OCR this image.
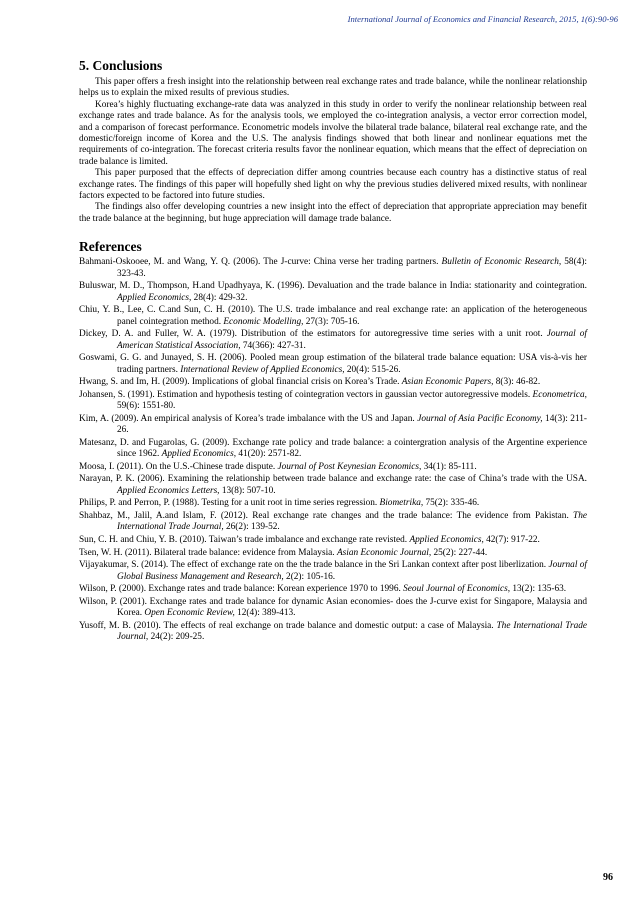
International Journal of Economics and Financial Research, 2015, 1(6):90-96
5. Conclusions

This paper offers a fresh insight into the relationship between real exchange rates and trade balance, while the nonlinear relationship helps us to explain the mixed results of previous studies.

Korea’s highly fluctuating exchange-rate data was analyzed in this study in order to verify the nonlinear relationship between real exchange rates and trade balance. As for the analysis tools, we employed the co-integration analysis, a vector error correction model, and a comparison of forecast performance. Econometric models involve the bilateral trade balance, bilateral real exchange rate, and the domestic/foreign income of Korea and the U.S. The analysis findings showed that both linear and nonlinear equations met the requirements of co-integration. The forecast criteria results favor the nonlinear equation, which means that the effect of depreciation on trade balance is limited.

This paper purposed that the effects of depreciation differ among countries because each country has a distinctive status of real exchange rates. The findings of this paper will hopefully shed light on why the previous studies delivered mixed results, with nonlinear factors expected to be factored into future studies.

The findings also offer developing countries a new insight into the effect of depreciation that appropriate appreciation may benefit the trade balance at the beginning, but huge appreciation will damage trade balance.

References

Bahmani-Oskooee, M. and Wang, Y. Q. (2006). The J-curve: China verse her trading partners. Bulletin of Economic Research, 58(4): 323-43.

Buluswar, M. D., Thompson, H.and Upadhyaya, K. (1996). Devaluation and the trade balance in India: stationarity and cointegration. Applied Economics, 28(4): 429-32.

Chiu, Y. B., Lee, C. C.and Sun, C. H. (2010). The U.S. trade imbalance and real exchange rate: an application of the heterogeneous panel cointegration method. Economic Modelling, 27(3): 705-16.

Dickey, D. A. and Fuller, W. A. (1979). Distribution of the estimators for autoregressive time series with a unit root. Journal of American Statistical Association, 74(366): 427-31.

Goswami, G. G. and Junayed, S. H. (2006). Pooled mean group estimation of the bilateral trade balance equation: USA vis-à-vis her trading partners. International Review of Applied Economics, 20(4): 515-26.

Hwang, S. and Im, H. (2009). Implications of global financial crisis on Korea’s Trade. Asian Economic Papers, 8(3): 46-82.

Johansen, S. (1991). Estimation and hypothesis testing of cointegration vectors in gaussian vector autoregressive models. Econometrica, 59(6): 1551-80.

Kim, A. (2009). An empirical analysis of Korea’s trade imbalance with the US and Japan. Journal of Asia Pacific Economy, 14(3): 211-26.

Matesanz, D. and Fugarolas, G. (2009). Exchange rate policy and trade balance: a cointergration analysis of the Argentine experience since 1962. Applied Economics, 41(20): 2571-82.

Moosa, I. (2011). On the U.S.-Chinese trade dispute. Journal of Post Keynesian Economics, 34(1): 85-111.

Narayan, P. K. (2006). Examining the relationship between trade balance and exchange rate: the case of China’s trade with the USA. Applied Economics Letters, 13(8): 507-10.

Philips, P. and Perron, P. (1988). Testing for a unit root in time series regression. Biometrika, 75(2): 335-46.

Shahbaz, M., Jalil, A.and Islam, F. (2012). Real exchange rate changes and the trade balance: The evidence from Pakistan. The International Trade Journal, 26(2): 139-52.

Sun, C. H. and Chiu, Y. B. (2010). Taiwan’s trade imbalance and exchange rate revisted. Applied Economics, 42(7): 917-22.

Tsen, W. H. (2011). Bilateral trade balance: evidence from Malaysia. Asian Economic Journal, 25(2): 227-44.

Vijayakumar, S. (2014). The effect of exchange rate on the the trade balance in the Sri Lankan context after post liberlization. Journal of Global Business Management and Research, 2(2): 105-16.

Wilson, P. (2000). Exchange rates and trade balance: Korean experience 1970 to 1996. Seoul Journal of Economics, 13(2): 135-63.

Wilson, P. (2001). Exchange rates and trade balance for dynamic Asian economies- does the J-curve exist for Singapore, Malaysia and Korea. Open Economic Review, 12(4): 389-413.

Yusoff, M. B. (2010). The effects of real exchange on trade balance and domestic output: a case of Malaysia. The International Trade Journal, 24(2): 209-25.

96
